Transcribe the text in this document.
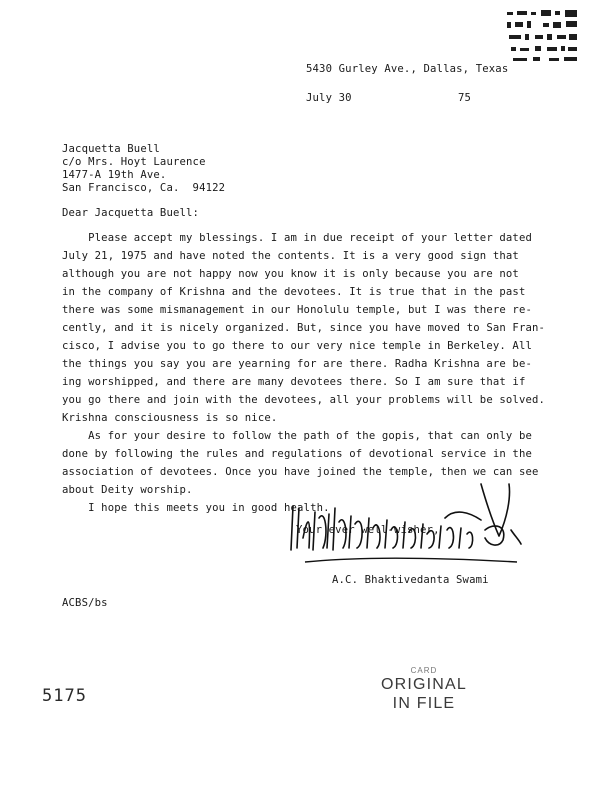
5430 Gurley Ave., Dallas, Texas
July 30	75
Jacquetta Buell
c/o Mrs. Hoyt Laurence
1477-A 19th Ave.
San Francisco, Ca.  94122
Dear Jacquetta Buell:
Please accept my blessings. I am in due receipt of your letter dated
July 21, 1975 and have noted the contents. It is a very good sign that
although you are not happy now you know it is only because you are not
in the company of Krishna and the devotees. It is true that in the past
there was some mismanagement in our Honolulu temple, but I was there re-
cently, and it is nicely organized. But, since you have moved to San Fran-
cisco, I advise you to go there to our very nice temple in Berkeley. All
the things you say you are yearning for are there. Radha Krishna are be-
ing worshipped, and there are many devotees there. So I am sure that if
you go there and join with the devotees, all your problems will be solved.
Krishna consciousness is so nice.
As for your desire to follow the path of the gopis, that can only be
done by following the rules and regulations of devotional service in the
association of devotees. Once you have joined the temple, then we can see
about Deity worship.
I hope this meets you in good health.
Your ever well-wisher,
A.C. Bhaktivedanta Swami
ACBS/bs
5175
CARD
ORIGINAL
IN FILE
